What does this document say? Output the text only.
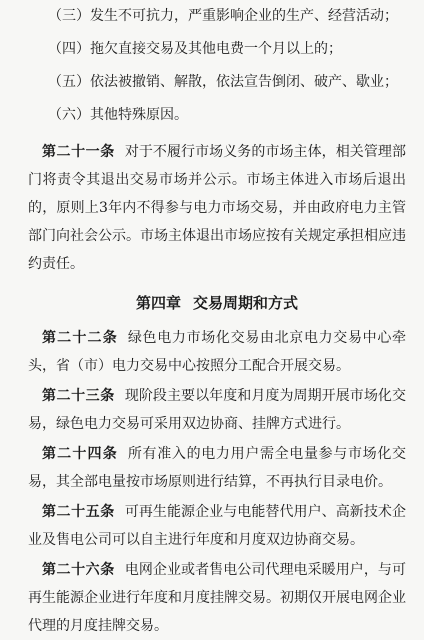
（三）发生不可抗力，严重影响企业的生产、经营活动；
（四）拖欠直接交易及其他电费一个月以上的；
（五）依法被撤销、解散，依法宣告倒闭、破产、歇业；
（六）其他特殊原因。

第二十一条 对于不履行市场义务的市场主体，相关管理部门将责令其退出交易市场并公示。市场主体进入市场后退出的，原则上3年内不得参与电力市场交易，并由政府电力主管部门向社会公示。市场主体退出市场应按有关规定承担相应违约责任。

第四章 交易周期和方式

第二十二条 绿色电力市场化交易由北京电力交易中心牵头，省（市）电力交易中心按照分工配合开展交易。

第二十三条 现阶段主要以年度和月度为周期开展市场化交易，绿色电力交易可采用双边协商、挂牌方式进行。

第二十四条 所有准入的电力用户需全电量参与市场化交易，其全部电量按市场原则进行结算，不再执行目录电价。

第二十五条 可再生能源企业与电能替代用户、高新技术企业及售电公司可以自主进行年度和月度双边协商交易。

第二十六条 电网企业或者售电公司代理电采暖用户，与可再生能源企业进行年度和月度挂牌交易。初期仅开展电网企业代理的月度挂牌交易。
